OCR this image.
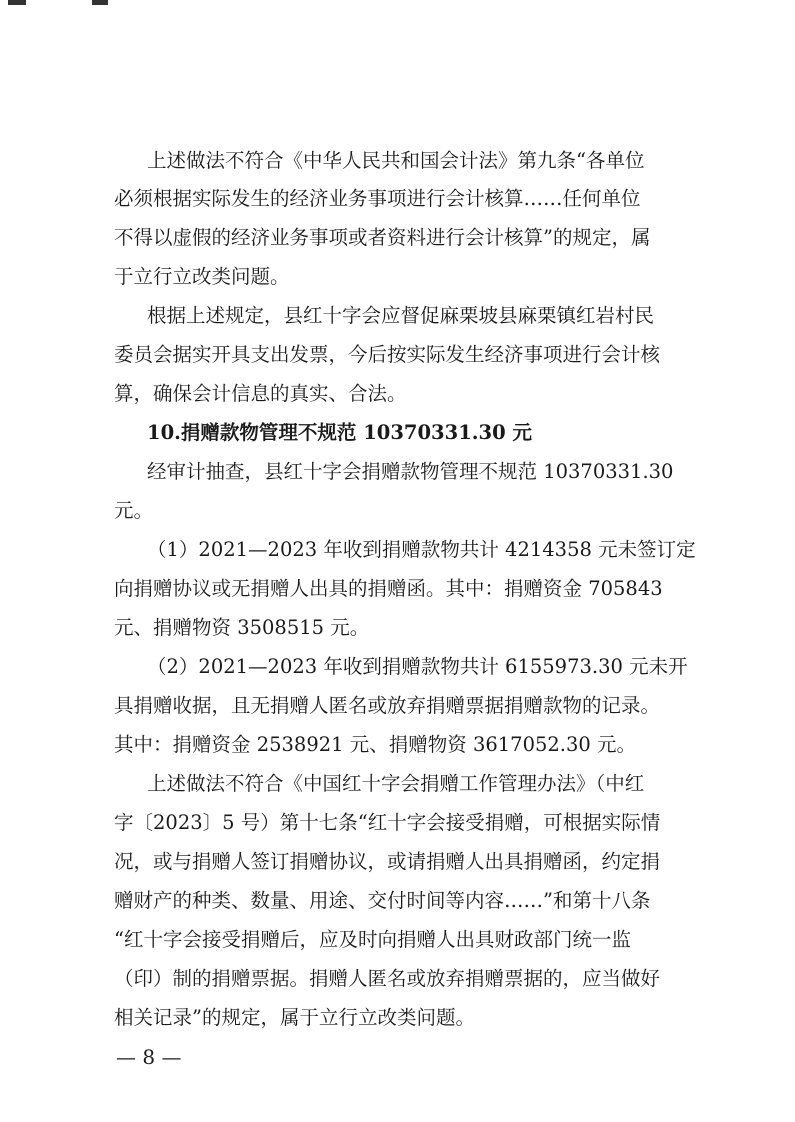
上述做法不符合《中华人民共和国会计法》第九条“各单位
必须根据实际发生的经济业务事项进行会计核算……任何单位
不得以虚假的经济业务事项或者资料进行会计核算”的规定，属
于立行立改类问题。
根据上述规定，县红十字会应督促麻栗坡县麻栗镇红岩村民
委员会据实开具支出发票，今后按实际发生经济事项进行会计核
算，确保会计信息的真实、合法。
10.捐赠款物管理不规范 10370331.30 元
经审计抽查，县红十字会捐赠款物管理不规范 10370331.30
元。
（1）2021—2023 年收到捐赠款物共计 4214358 元未签订定
向捐赠协议或无捐赠人出具的捐赠函。其中：捐赠资金 705843
元、捐赠物资 3508515 元。
（2）2021—2023 年收到捐赠款物共计 6155973.30 元未开
具捐赠收据，且无捐赠人匿名或放弃捐赠票据捐赠款物的记录。
其中：捐赠资金 2538921 元、捐赠物资 3617052.30 元。
上述做法不符合《中国红十字会捐赠工作管理办法》（中红
字〔2023〕5 号）第十七条“红十字会接受捐赠，可根据实际情
况，或与捐赠人签订捐赠协议，或请捐赠人出具捐赠函，约定捐
赠财产的种类、数量、用途、交付时间等内容……”和第十八条
“红十字会接受捐赠后，应及时向捐赠人出具财政部门统一监
（印）制的捐赠票据。捐赠人匿名或放弃捐赠票据的，应当做好
相关记录”的规定，属于立行立改类问题。
— 8 —
